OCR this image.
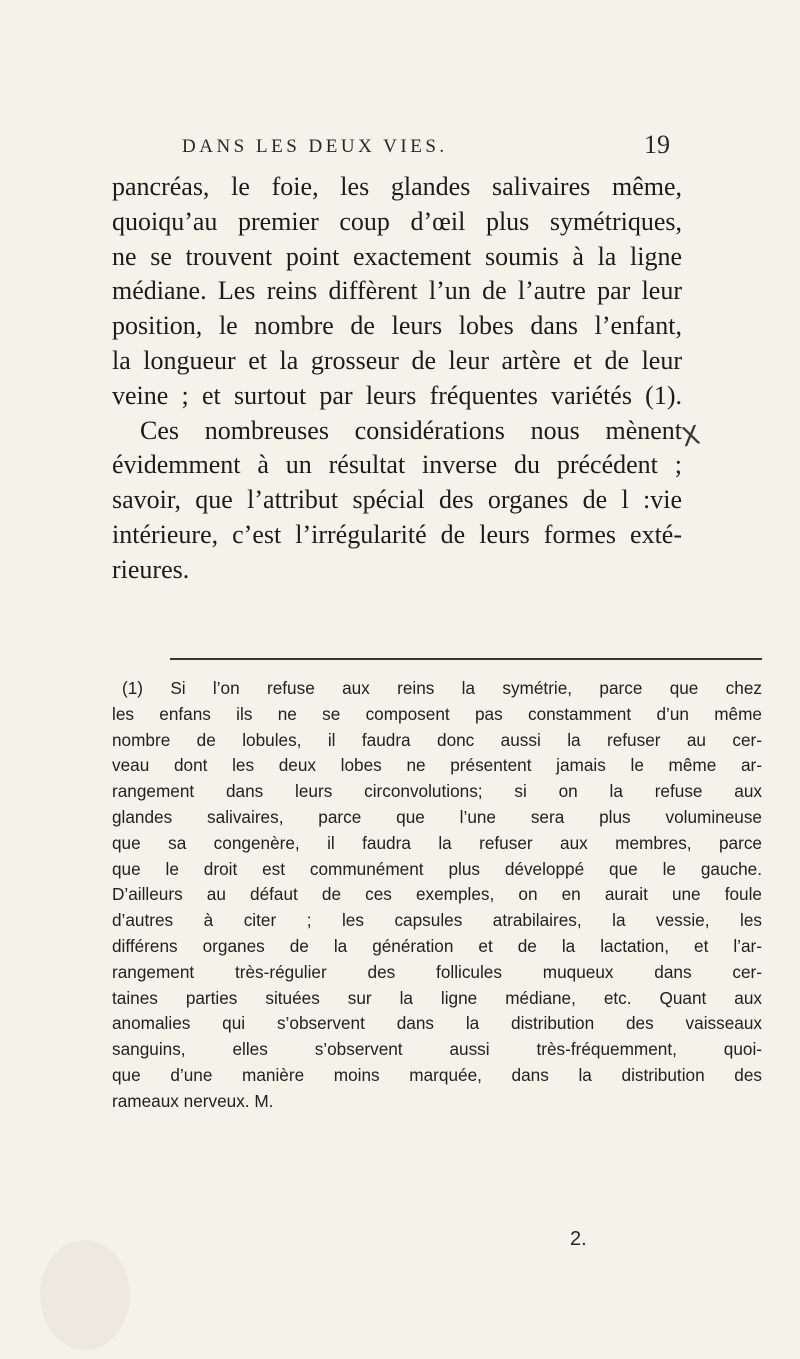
DANS LES DEUX VIES.	19
pancréas, le foie, les glandes salivaires même,
quoiqu’au premier coup d’œil plus symétriques,
ne se trouvent point exactement soumis à la ligne
médiane. Les reins diffèrent l’un de l’autre par leur
position, le nombre de leurs lobes dans l’enfant,
la longueur et la grosseur de leur artère et de leur
veine ; et surtout par leurs fréquentes variétés (1).
Ces nombreuses considérations nous mènent
évidemment à un résultat inverse du précédent ;
savoir, que l’attribut spécial des organes de l :vie
intérieure, c’est l’irrégularité de leurs formes exté-
rieures.
X
(1) Si l’on refuse aux reins la symétrie, parce que chez
les enfans ils ne se composent pas constamment d’un même
nombre de lobules, il faudra donc aussi la refuser au cer-
veau dont les deux lobes ne présentent jamais le même ar-
rangement dans leurs circonvolutions; si on la refuse aux
glandes salivaires, parce que l’une sera plus volumineuse
que sa congenère, il faudra la refuser aux membres, parce
que le droit est communément plus développé que le gauche.
D’ailleurs au défaut de ces exemples, on en aurait une foule
d’autres à citer ; les capsules atrabilaires, la vessie, les
différens organes de la génération et de la lactation, et l’ar-
rangement très-régulier des follicules muqueux dans cer-
taines parties situées sur la ligne médiane, etc. Quant aux
anomalies qui s’observent dans la distribution des vaisseaux
sanguins, elles s’observent aussi très-fréquemment, quoi-
que d’une manière moins marquée, dans la distribution des
rameaux nerveux. M.
2.
